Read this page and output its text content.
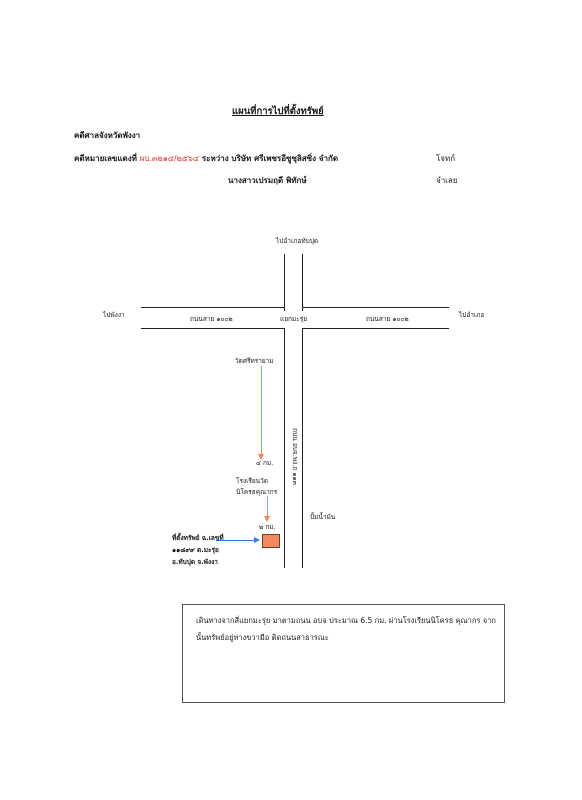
แผนที่การไปที่ตั้งทรัพย์
คดีศาลจังหวัดพังงา
คดีหมายเลขแดงที่ ผบ.๓๒๑๔/๒๕๖๔ ระหว่าง บริษัท ศรีเพชรอีซูซุลิสซิ่ง จำกัด	โจทก์
นางสาวเปรมฤดี พิทักษ์	จำเลย
ไปอำเภอทับปุด
ไปพังงา	ไปอำเภอ
ถนนสาย ๑๐๐๒	ถนนสาย ๑๐๐๒
แยกมะรุ่ย
ถนน อบจ.พง.ถ ๑๑๓
วัดศรีทรายาม
๔ กม.
โรงเรียนวัด
นิโครธคุณากร
๒ กม.
ปั้มน้ำมัน
ที่ตั้งทรัพย์ ฉ.เลขที่
๑๑๘๙๙ ต.มะรุ่ย
อ.ทับปุด จ.พังงา
เดินทางจากสี่แยกมะรุ่ย มาตามถนน อบจ ประมาณ 6.5 กม. ผ่านโรงเรียนนิโครธ คุณากร จากนั้นทรัพย์อยู่ทางขวามือ ติดถนนสาธารณะ
